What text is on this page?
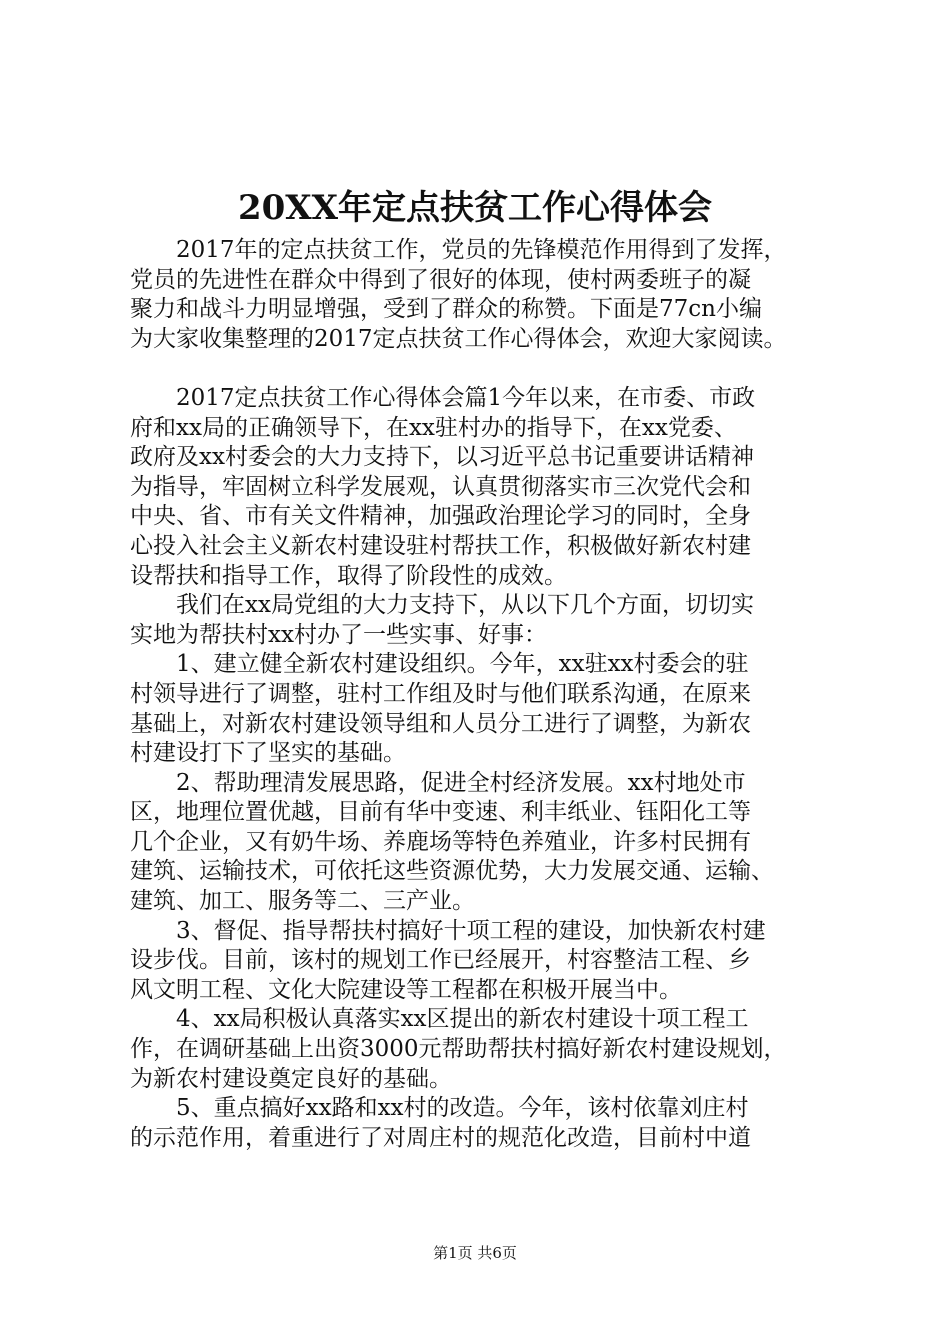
20XX年定点扶贫工作心得体会
　　2017年的定点扶贫工作，党员的先锋模范作用得到了发挥，
党员的先进性在群众中得到了很好的体现，使村两委班子的凝
聚力和战斗力明显增强，受到了群众的称赞。下面是77cn小编
为大家收集整理的2017定点扶贫工作心得体会，欢迎大家阅读。
　　2017定点扶贫工作心得体会篇1今年以来，在市委、市政
府和xx局的正确领导下，在xx驻村办的指导下，在xx党委、
政府及xx村委会的大力支持下，以习近平总书记重要讲话精神
为指导，牢固树立科学发展观，认真贯彻落实市三次党代会和
中央、省、市有关文件精神，加强政治理论学习的同时，全身
心投入社会主义新农村建设驻村帮扶工作，积极做好新农村建
设帮扶和指导工作，取得了阶段性的成效。
　　我们在xx局党组的大力支持下，从以下几个方面，切切实
实地为帮扶村xx村办了一些实事、好事：
　　1、建立健全新农村建设组织。今年，xx驻xx村委会的驻
村领导进行了调整，驻村工作组及时与他们联系沟通，在原来
基础上，对新农村建设领导组和人员分工进行了调整，为新农
村建设打下了坚实的基础。
　　2、帮助理清发展思路，促进全村经济发展。xx村地处市
区，地理位置优越，目前有华中变速、利丰纸业、钰阳化工等
几个企业，又有奶牛场、养鹿场等特色养殖业，许多村民拥有
建筑、运输技术，可依托这些资源优势，大力发展交通、运输、
建筑、加工、服务等二、三产业。
　　3、督促、指导帮扶村搞好十项工程的建设，加快新农村建
设步伐。目前，该村的规划工作已经展开，村容整洁工程、乡
风文明工程、文化大院建设等工程都在积极开展当中。
　　4、xx局积极认真落实xx区提出的新农村建设十项工程工
作，在调研基础上出资3000元帮助帮扶村搞好新农村建设规划，
为新农村建设奠定良好的基础。
　　5、重点搞好xx路和xx村的改造。今年，该村依靠刘庄村
的示范作用，着重进行了对周庄村的规范化改造，目前村中道
第1页 共6页
